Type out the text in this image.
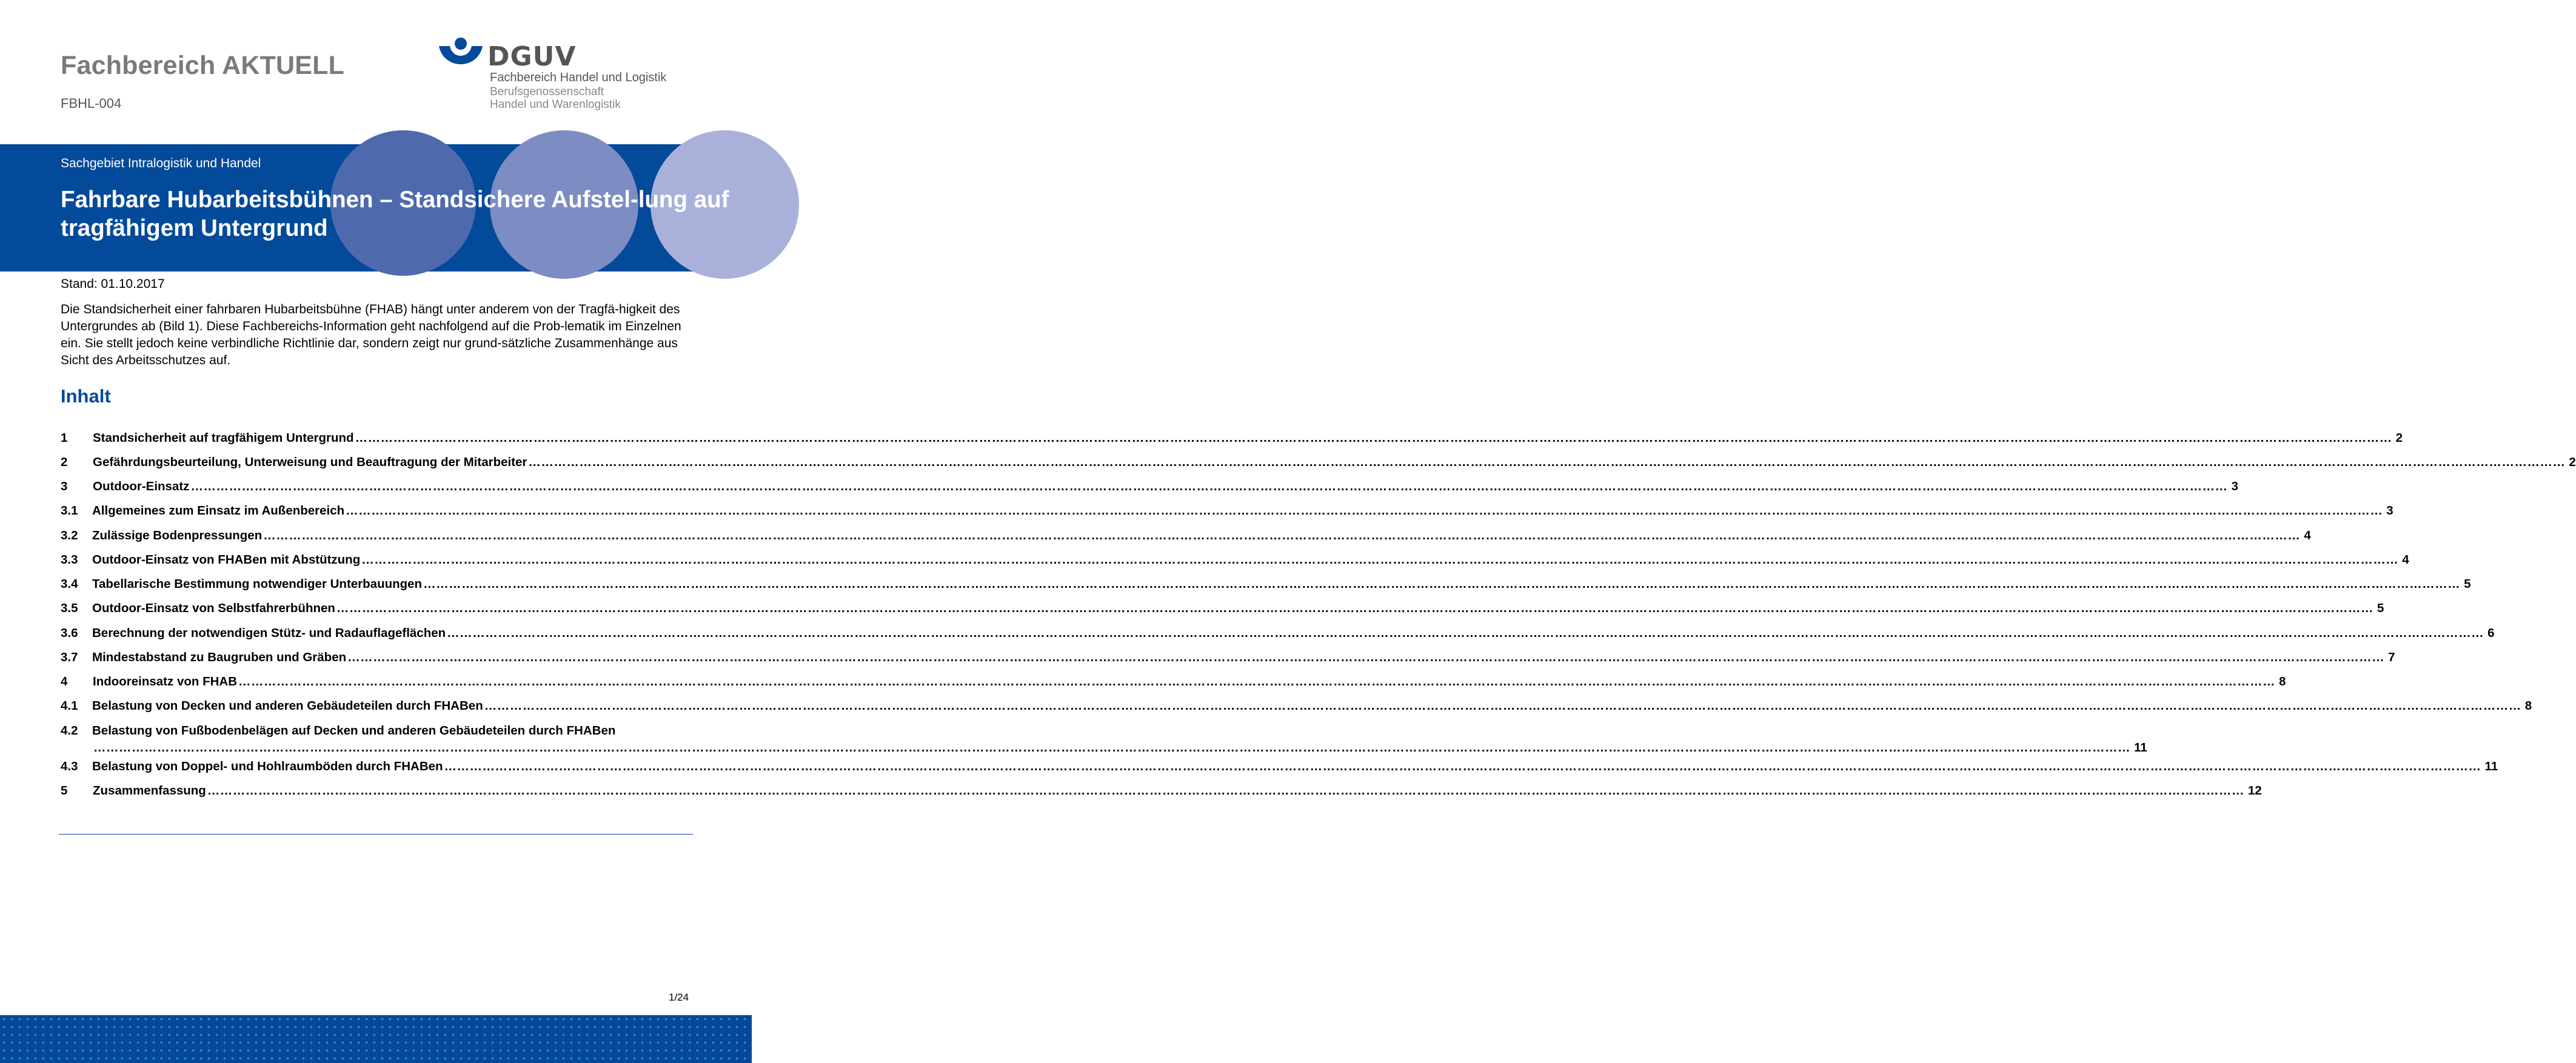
Fachbereich AKTUELL
FBHL-004
DGUV
Fachbereich Handel und Logistik
Berufsgenossenschaft
Handel und Warenlogistik
Sachgebiet Intralogistik und Handel
Fahrbare Hubarbeitsbühnen – Standsichere Aufstel-lung auf tragfähigem Untergrund
Stand: 01.10.2017

Die Standsicherheit einer fahrbaren Hubarbeitsbühne (FHAB) hängt unter anderem von der Tragfä-higkeit des Untergrundes ab (Bild 1). Diese Fachbereichs-Information geht nachfolgend auf die Prob-lematik im Einzelnen ein. Sie stellt jedoch keine verbindliche Richtlinie dar, sondern zeigt nur grund-sätzliche Zusammenhänge aus Sicht des Arbeitsschutzes auf.

Inhalt
1 Standsicherheit auf tragfähigem Untergrund ………………………………………………………………………………………………………………………………………………………………………………………………………………………………………………………………………………………………………………………………………………………………………………………………………………………………………… 2
2 Gefährdungsbeurteilung, Unterweisung und Beauftragung der Mitarbeiter ………………………………………………………………………………………………………………………………………………………………………………………………………………………………………………………………………………………………………………………………………………………………………………………………………………………………………… 2
3 Outdoor-Einsatz ………………………………………………………………………………………………………………………………………………………………………………………………………………………………………………………………………………………………………………………………………………………………………………………………………………………………………… 3
3.1 Allgemeines zum Einsatz im Außenbereich ………………………………………………………………………………………………………………………………………………………………………………………………………………………………………………………………………………………………………………………………………………………………………………………………………………………………………… 3
3.2 Zulässige Bodenpressungen ………………………………………………………………………………………………………………………………………………………………………………………………………………………………………………………………………………………………………………………………………………………………………………………………………………………………………… 4
3.3 Outdoor-Einsatz von FHABen mit Abstützung ………………………………………………………………………………………………………………………………………………………………………………………………………………………………………………………………………………………………………………………………………………………………………………………………………………………………………… 4
3.4 Tabellarische Bestimmung notwendiger Unterbauungen ………………………………………………………………………………………………………………………………………………………………………………………………………………………………………………………………………………………………………………………………………………………………………………………………………………………………………… 5
3.5 Outdoor-Einsatz von Selbstfahrerbühnen ………………………………………………………………………………………………………………………………………………………………………………………………………………………………………………………………………………………………………………………………………………………………………………………………………………………………………… 5
3.6 Berechnung der notwendigen Stütz- und Radauflageflächen ………………………………………………………………………………………………………………………………………………………………………………………………………………………………………………………………………………………………………………………………………………………………………………………………………………………………………… 6
3.7 Mindestabstand zu Baugruben und Gräben ………………………………………………………………………………………………………………………………………………………………………………………………………………………………………………………………………………………………………………………………………………………………………………………………………………………………………… 7
4 Indooreinsatz von FHAB ………………………………………………………………………………………………………………………………………………………………………………………………………………………………………………………………………………………………………………………………………………………………………………………………………………………………………… 8
4.1 Belastung von Decken und anderen Gebäudeteilen durch FHABen ………………………………………………………………………………………………………………………………………………………………………………………………………………………………………………………………………………………………………………………………………………………………………………………………………………………………………… 8
4.2 Belastung von Fußbodenbelägen auf Decken und anderen Gebäudeteilen durch FHABen
………………………………………………………………………………………………………………………………………………………………………………………………………………………………………………………………………………………………………………………………………………………………………………………………………………………………………… 11
4.3 Belastung von Doppel- und Hohlraumböden durch FHABen ………………………………………………………………………………………………………………………………………………………………………………………………………………………………………………………………………………………………………………………………………………………………………………………………………………………………………… 11
5 Zusammenfassung ………………………………………………………………………………………………………………………………………………………………………………………………………………………………………………………………………………………………………………………………………………………………………………………………………………………………………… 12
1/24
